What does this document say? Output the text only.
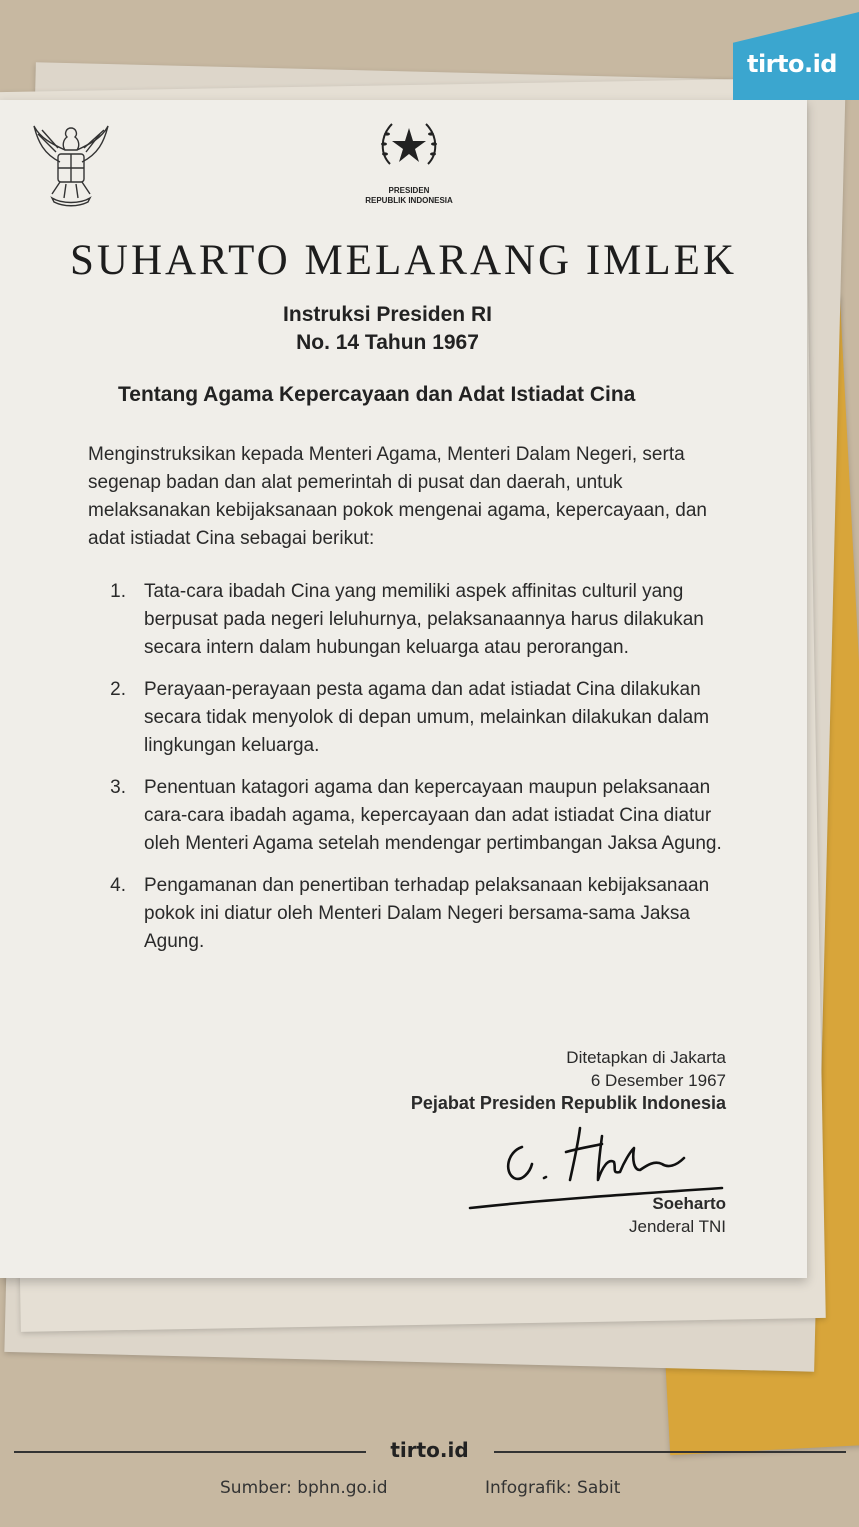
tirto.id
PRESIDEN
REPUBLIK INDONESIA
SUHARTO MELARANG IMLEK
Instruksi Presiden RI
No. 14 Tahun 1967
Tentang Agama Kepercayaan dan Adat Istiadat Cina

Menginstruksikan kepada Menteri Agama, Menteri Dalam Negeri, serta segenap badan dan alat pemerintah di pusat dan daerah, untuk melaksanakan kebijaksanaan pokok mengenai agama, kepercayaan, dan adat istiadat Cina sebagai berikut:

1. Tata-cara ibadah Cina yang memiliki aspek affinitas culturil yang berpusat pada negeri leluhurnya, pelaksanaannya harus dilakukan secara intern dalam hubungan keluarga atau perorangan.
2. Perayaan-perayaan pesta agama dan adat istiadat Cina dilakukan secara tidak menyolok di depan umum, melainkan dilakukan dalam lingkungan keluarga.
3. Penentuan katagori agama dan kepercayaan maupun pelaksanaan cara-cara ibadah agama, kepercayaan dan adat istiadat Cina diatur oleh Menteri Agama setelah mendengar pertimbangan Jaksa Agung.
4. Pengamanan dan penertiban terhadap pelaksanaan kebijaksanaan pokok ini diatur oleh Menteri Dalam Negeri bersama-sama Jaksa Agung.
Ditetapkan di Jakarta
6 Desember 1967
Pejabat Presiden Republik Indonesia
Soeharto
Jenderal TNI
tirto.id
Sumber: bphn.go.id	Infografik: Sabit
